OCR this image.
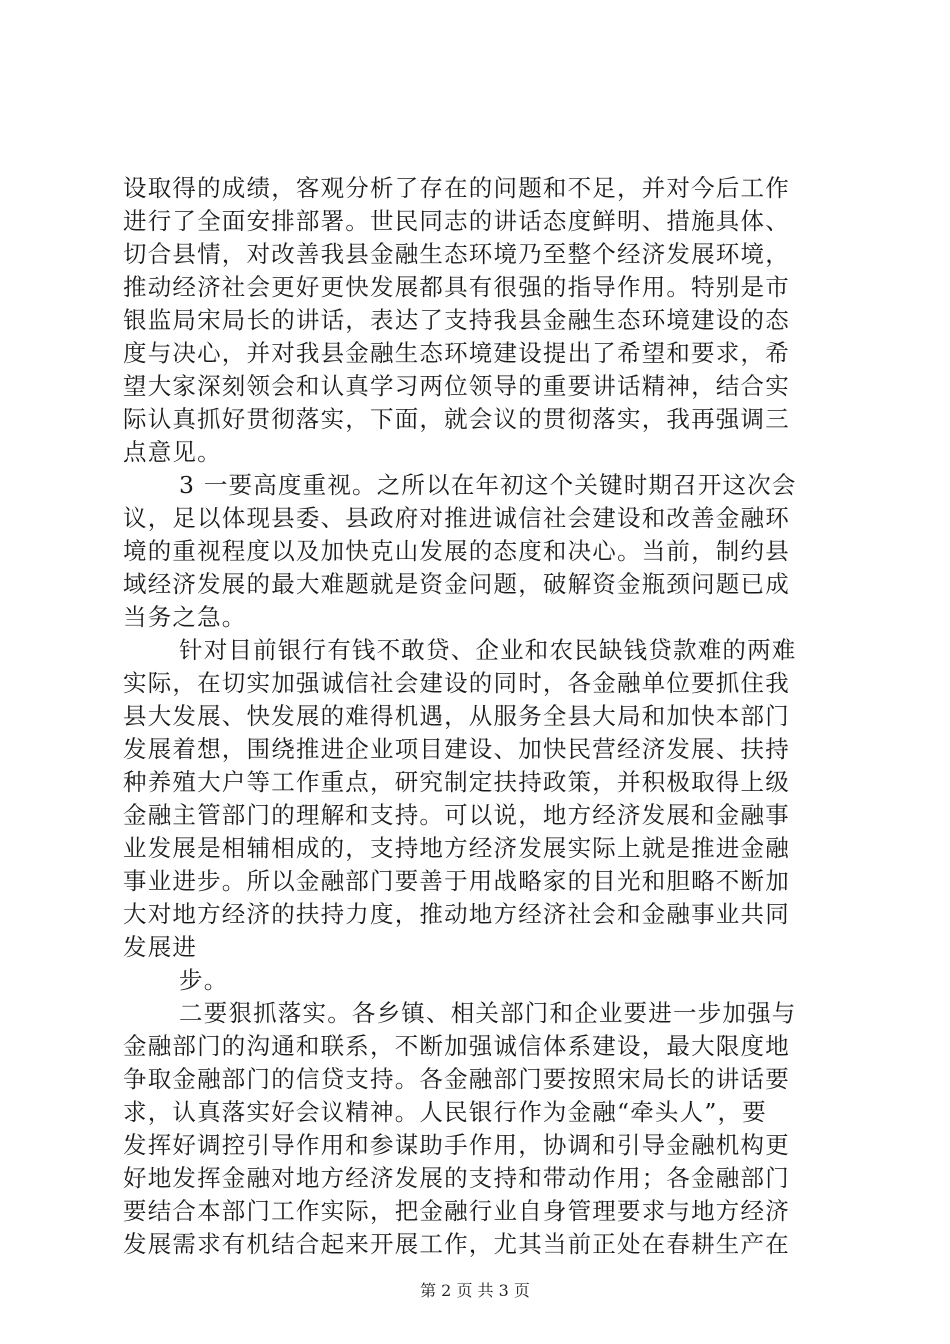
设取得的成绩，客观分析了存在的问题和不足，并对今后工作
进行了全面安排部署。世民同志的讲话态度鲜明、措施具体、
切合县情，对改善我县金融生态环境乃至整个经济发展环境，
推动经济社会更好更快发展都具有很强的指导作用。特别是市
银监局宋局长的讲话，表达了支持我县金融生态环境建设的态
度与决心，并对我县金融生态环境建设提出了希望和要求，希
望大家深刻领会和认真学习两位领导的重要讲话精神，结合实
际认真抓好贯彻落实，下面，就会议的贯彻落实，我再强调三
点意见。
3 一要高度重视。之所以在年初这个关键时期召开这次会
议，足以体现县委、县政府对推进诚信社会建设和改善金融环
境的重视程度以及加快克山发展的态度和决心。当前，制约县
域经济发展的最大难题就是资金问题，破解资金瓶颈问题已成
当务之急。
针对目前银行有钱不敢贷、企业和农民缺钱贷款难的两难
实际，在切实加强诚信社会建设的同时，各金融单位要抓住我
县大发展、快发展的难得机遇，从服务全县大局和加快本部门
发展着想，围绕推进企业项目建设、加快民营经济发展、扶持
种养殖大户等工作重点，研究制定扶持政策，并积极取得上级
金融主管部门的理解和支持。可以说，地方经济发展和金融事
业发展是相辅相成的，支持地方经济发展实际上就是推进金融
事业进步。所以金融部门要善于用战略家的目光和胆略不断加
大对地方经济的扶持力度，推动地方经济社会和金融事业共同
发展进
步。
二要狠抓落实。各乡镇、相关部门和企业要进一步加强与
金融部门的沟通和联系，不断加强诚信体系建设，最大限度地
争取金融部门的信贷支持。各金融部门要按照宋局长的讲话要
求，认真落实好会议精神。人民银行作为金融“牵头人”，要
发挥好调控引导作用和参谋助手作用，协调和引导金融机构更
好地发挥金融对地方经济发展的支持和带动作用；各金融部门
要结合本部门工作实际，把金融行业自身管理要求与地方经济
发展需求有机结合起来开展工作，尤其当前正处在春耕生产在
第 2 页 共 3 页
